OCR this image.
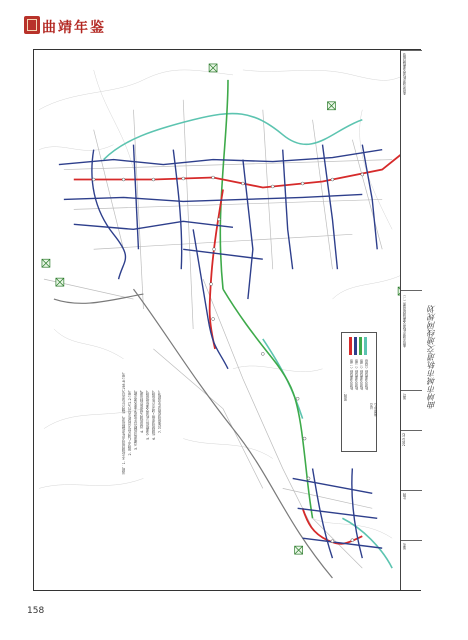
曲靖年鉴
说明：1. 本次线网规划由4条线路组成，线网总长度约为198.8公里。 2. 规划中心城区站点间距平均约为1.2公里。 3. 近期建设线路宜先选取主要客流走廊。 4. 远景线网为预留控制用地。 5. 交通枢纽与轨道交通衔接规划。 6. 线网规划需纳入城市总体规划。 7. 其他规划原则详见说明书。	图例：
轨道交通线路（一期） 轨道交通线路（二期） 轨道交通线路（三期） 轨道交通线路（远景）
站点 换乘中心
曲靖市城市轨道交通线网规划
曲靖市城市轨道交通线网规划图（一）
图号
2013.12
比例
图名
曲靖市城市轨道交通线网规划
158
